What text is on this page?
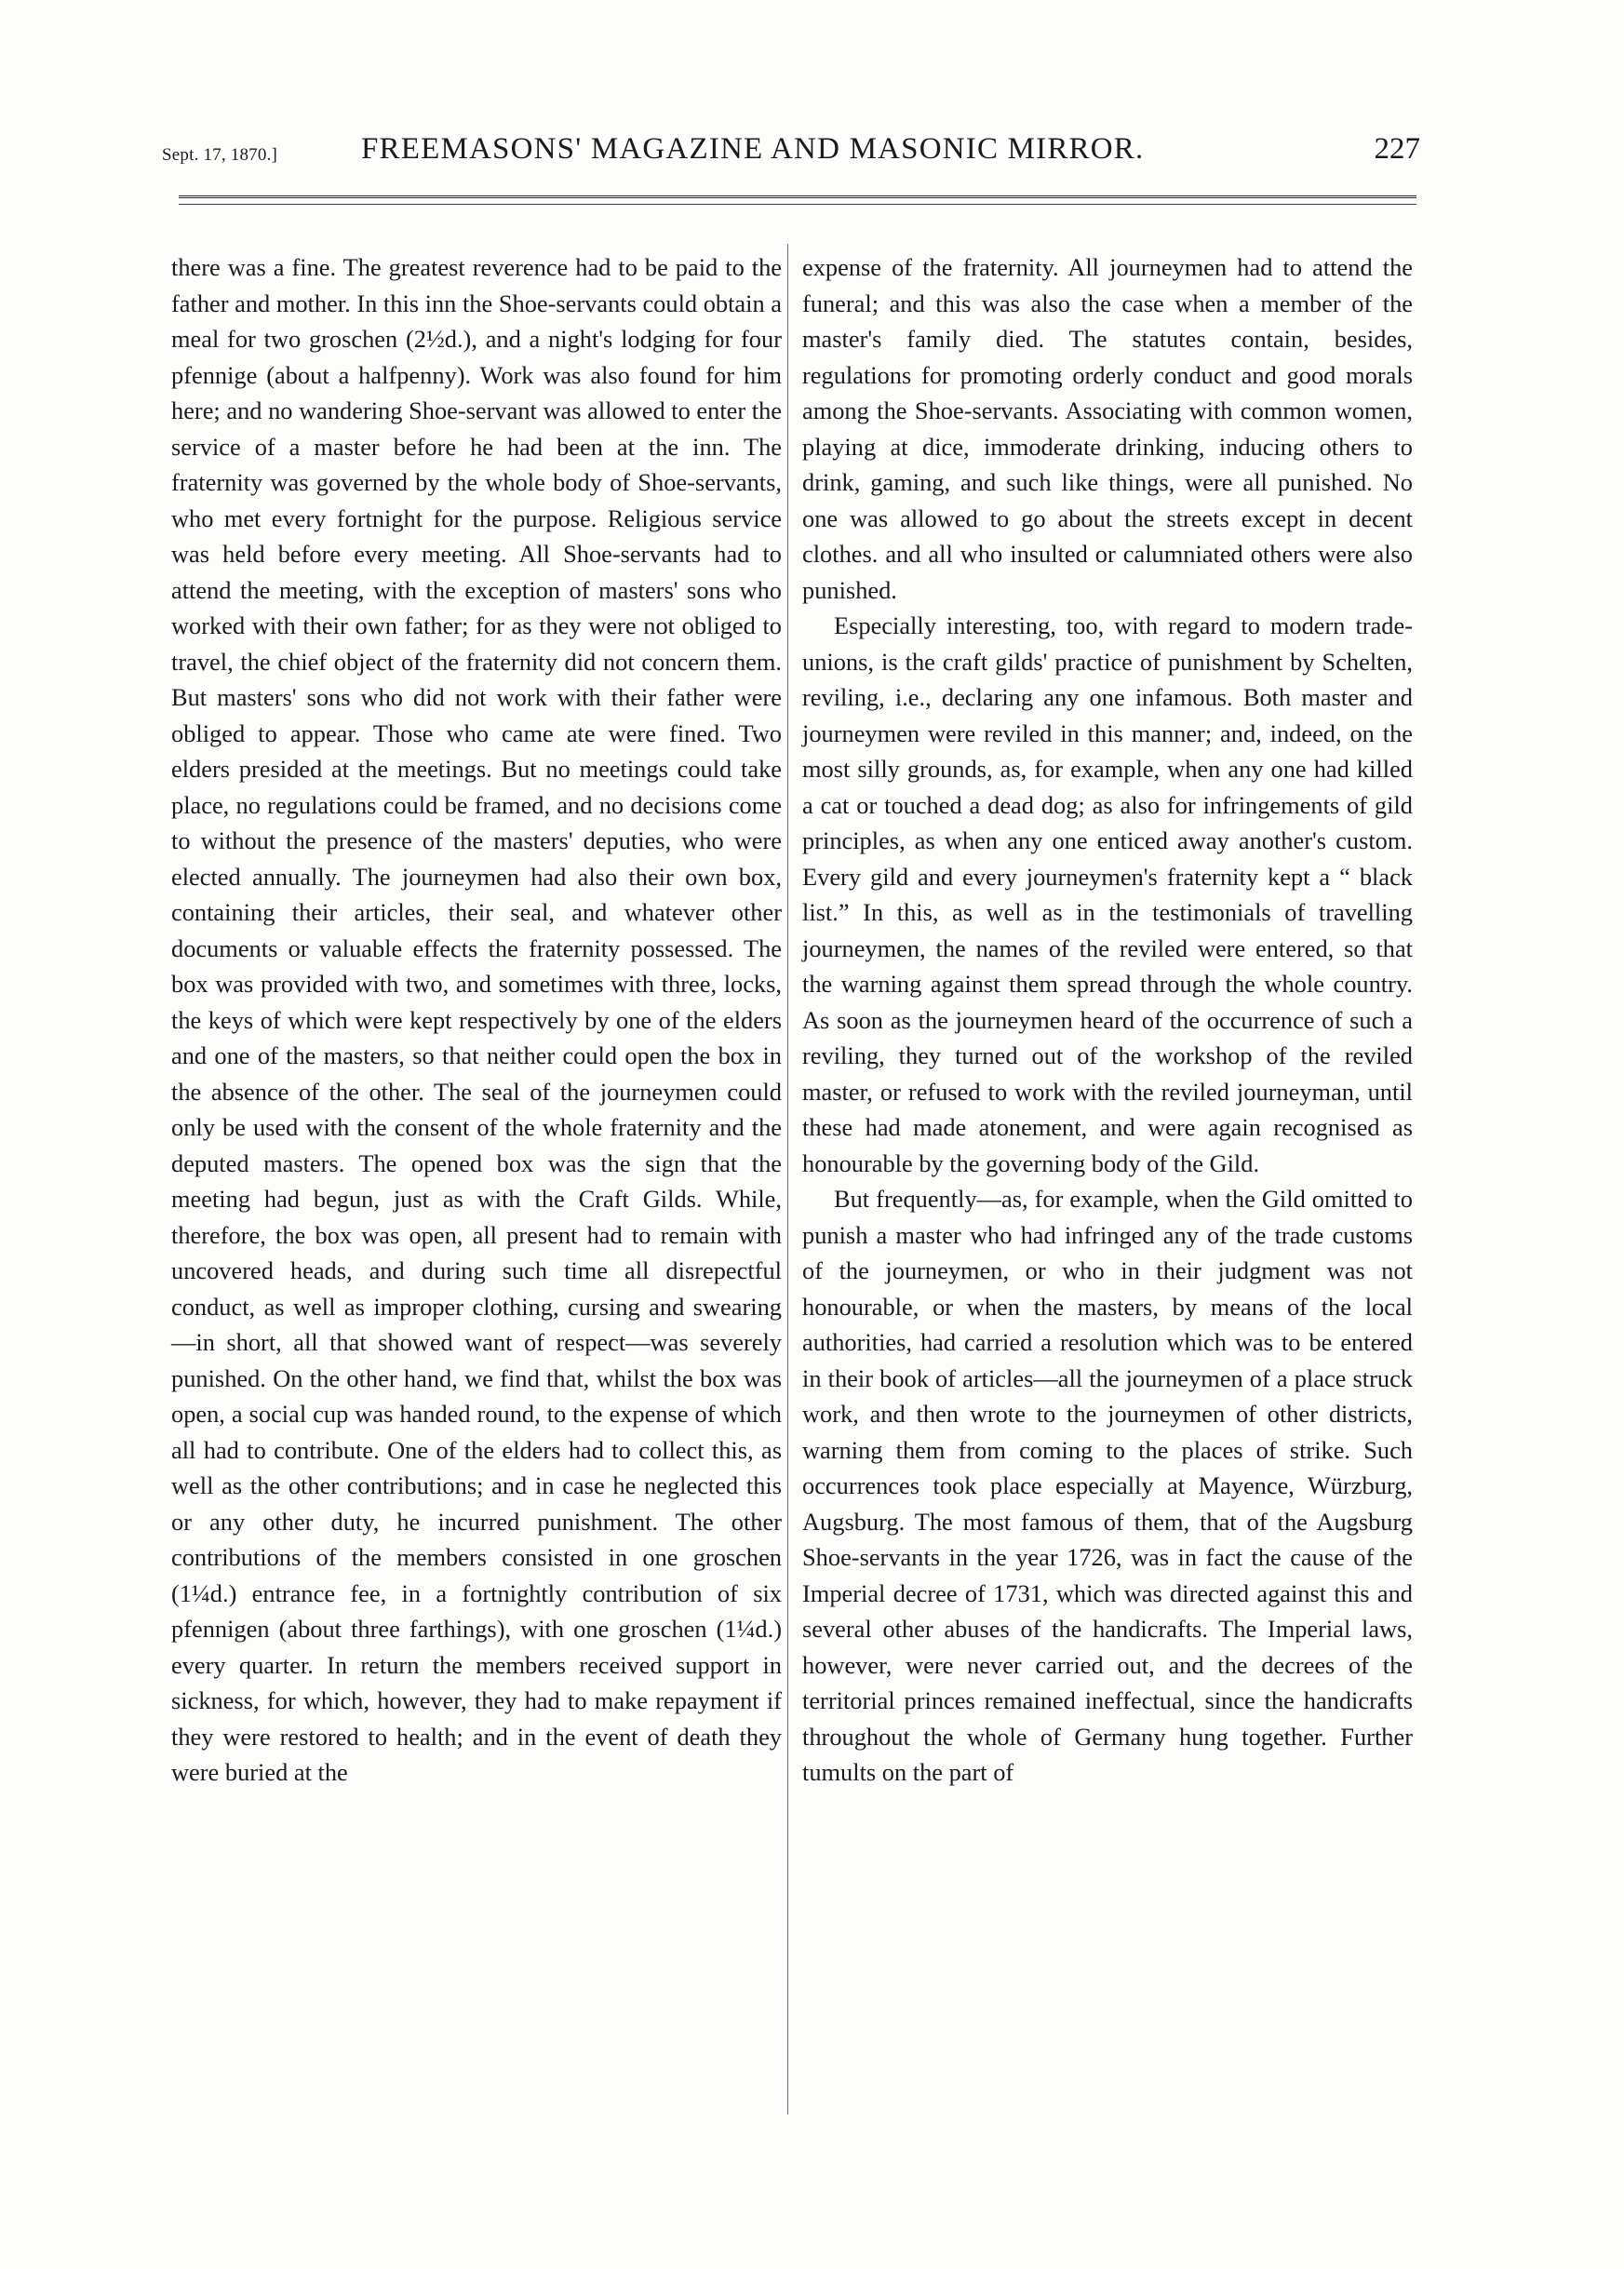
Sept. 17, 1870.]	FREEMASONS' MAGAZINE AND MASONIC MIRROR.	227

there was a fine. The greatest reverence had to be paid to the father and mother. In this inn the Shoe-servants could obtain a meal for two groschen (2½d.), and a night's lodging for four pfennige (about a halfpenny). Work was also found for him here; and no wandering Shoe-servant was allowed to enter the service of a master before he had been at the inn. The fraternity was governed by the whole body of Shoe-servants, who met every fortnight for the purpose. Religious service was held before every meeting. All Shoe-servants had to attend the meeting, with the exception of masters' sons who worked with their own father; for as they were not obliged to travel, the chief object of the fraternity did not concern them. But masters' sons who did not work with their father were obliged to appear. Those who came ate were fined. Two elders presided at the meetings. But no meetings could take place, no regulations could be framed, and no decisions come to without the presence of the masters' deputies, who were elected annually. The journeymen had also their own box, containing their articles, their seal, and whatever other documents or valuable effects the fraternity possessed. The box was provided with two, and sometimes with three, locks, the keys of which were kept respectively by one of the elders and one of the masters, so that neither could open the box in the absence of the other. The seal of the journeymen could only be used with the consent of the whole fraternity and the deputed masters. The opened box was the sign that the meeting had begun, just as with the Craft Gilds. While, therefore, the box was open, all present had to remain with uncovered heads, and during such time all disrepectful conduct, as well as improper clothing, cursing and swearing—in short, all that showed want of respect—was severely punished. On the other hand, we find that, whilst the box was open, a social cup was handed round, to the expense of which all had to contribute. One of the elders had to collect this, as well as the other contributions; and in case he neglected this or any other duty, he incurred punishment. The other contributions of the members consisted in one groschen (1¼d.) entrance fee, in a fortnightly contribution of six pfennigen (about three farthings), with one groschen (1¼d.) every quarter. In return the members received support in sickness, for which, however, they had to make repayment if they were restored to health; and in the event of death they were buried at the

expense of the fraternity. All journeymen had to attend the funeral; and this was also the case when a member of the master's family died. The statutes contain, besides, regulations for promoting orderly conduct and good morals among the Shoe-servants. Associating with common women, playing at dice, immoderate drinking, inducing others to drink, gaming, and such like things, were all punished. No one was allowed to go about the streets except in decent clothes. and all who insulted or calumniated others were also punished.

Especially interesting, too, with regard to modern trade-unions, is the craft gilds' practice of punishment by Schelten, reviling, i.e., declaring any one infamous. Both master and journeymen were reviled in this manner; and, indeed, on the most silly grounds, as, for example, when any one had killed a cat or touched a dead dog; as also for infringements of gild principles, as when any one enticed away another's custom. Every gild and every journeymen's fraternity kept a “ black list.” In this, as well as in the testimonials of travelling journeymen, the names of the reviled were entered, so that the warning against them spread through the whole country. As soon as the journeymen heard of the occurrence of such a reviling, they turned out of the workshop of the reviled master, or refused to work with the reviled journeyman, until these had made atonement, and were again recognised as honourable by the governing body of the Gild.

But frequently—as, for example, when the Gild omitted to punish a master who had infringed any of the trade customs of the journeymen, or who in their judgment was not honourable, or when the masters, by means of the local authorities, had carried a resolution which was to be entered in their book of articles—all the journeymen of a place struck work, and then wrote to the journeymen of other districts, warning them from coming to the places of strike. Such occurrences took place especially at Mayence, Würzburg, Augsburg. The most famous of them, that of the Augsburg Shoe-servants in the year 1726, was in fact the cause of the Imperial decree of 1731, which was directed against this and several other abuses of the handicrafts. The Imperial laws, however, were never carried out, and the decrees of the territorial princes remained ineffectual, since the handicrafts throughout the whole of Germany hung together. Further tumults on the part of
